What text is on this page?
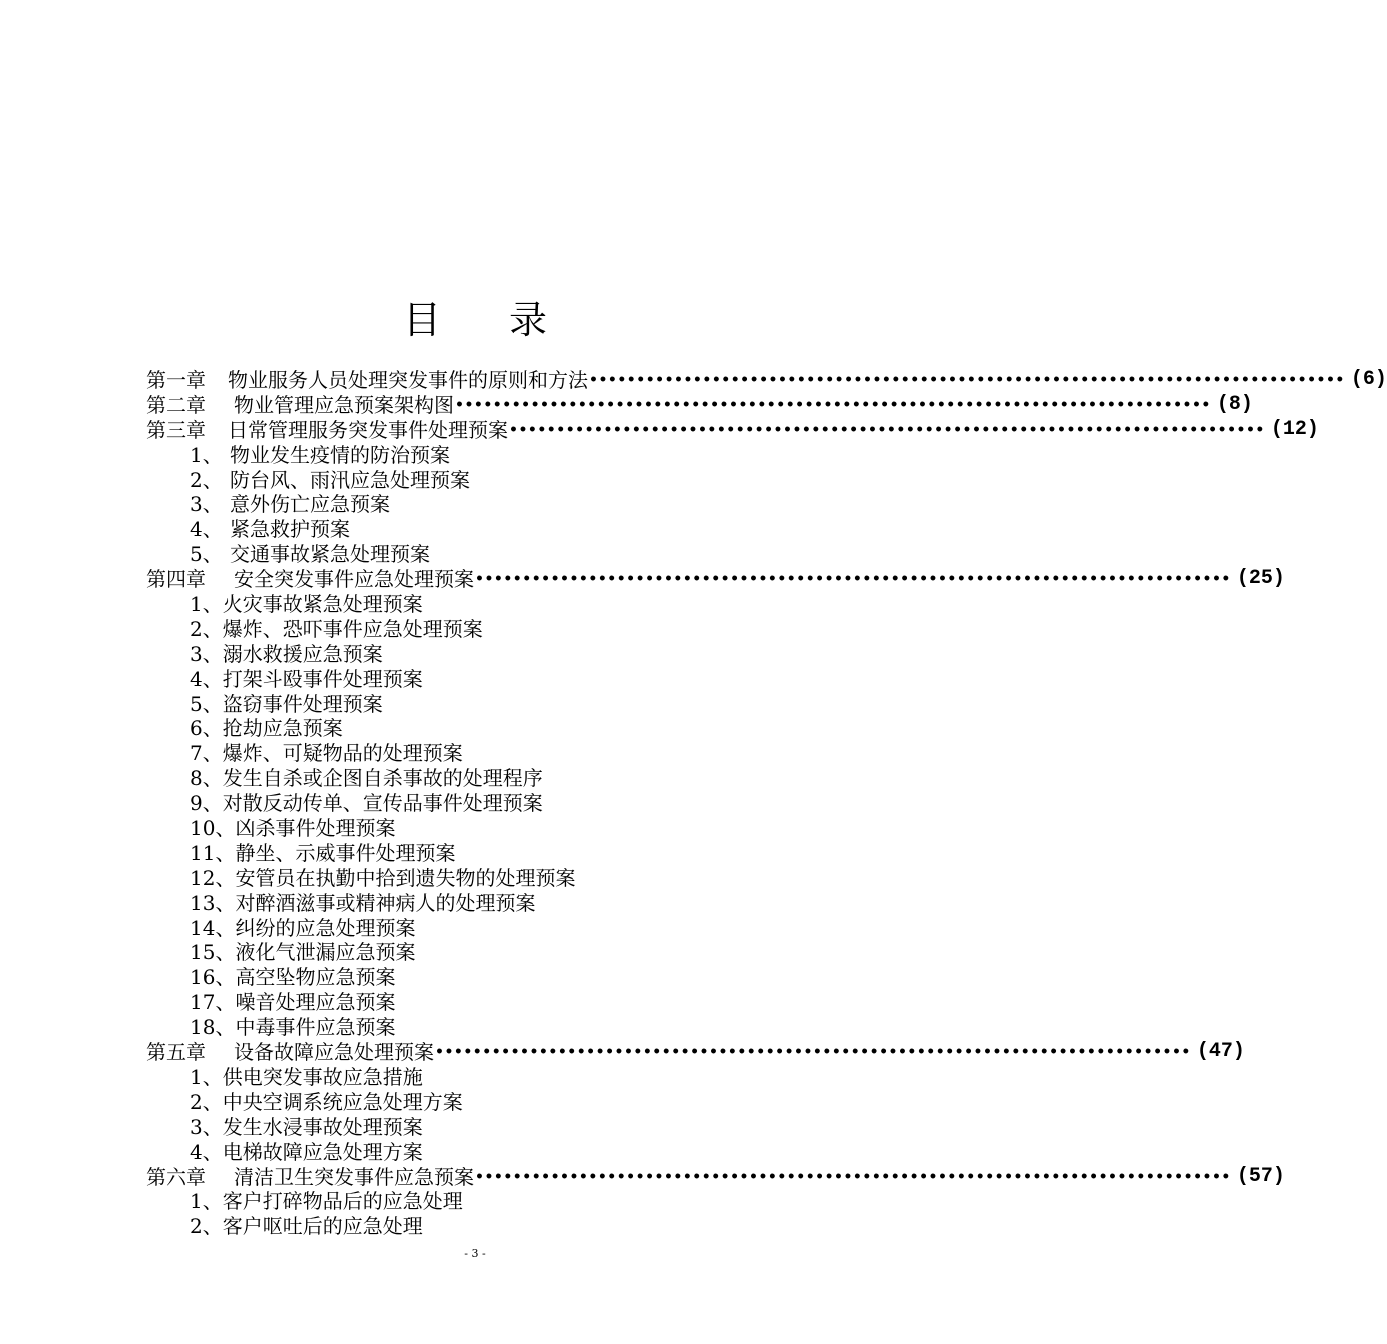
目 录
第一章 物业服务人员处理突发事件的原则和方法 •••••••••••••••••••••••••••••••••••••••••••••••••••••••••••••••••••••••••••••••• (6)
第二章 物业管理应急预案架构图 •••••••••••••••••••••••••••••••••••••••••••••••••••••••••••••••••••••••••••••••• (8)
第三章 日常管理服务突发事件处理预案 •••••••••••••••••••••••••••••••••••••••••••••••••••••••••••••••••••••••••••••••• (12)
1、 物业发生疫情的防治预案
2、 防台风、雨汛应急处理预案
3、 意外伤亡应急预案
4、 紧急救护预案
5、 交通事故紧急处理预案
第四章 安全突发事件应急处理预案 •••••••••••••••••••••••••••••••••••••••••••••••••••••••••••••••••••••••••••••••• (25)
1、 火灾事故紧急处理预案
2、 爆炸、恐吓事件应急处理预案
3、 溺水救援应急预案
4、 打架斗殴事件处理预案
5、 盗窃事件处理预案
6、 抢劫应急预案
7、 爆炸、可疑物品的处理预案
8、 发生自杀或企图自杀事故的处理程序
9、 对散反动传单、宣传品事件处理预案
10、 凶杀事件处理预案
11、 静坐、示威事件处理预案
12、 安管员在执勤中拾到遗失物的处理预案
13、 对醉酒滋事或精神病人的处理预案
14、 纠纷的应急处理预案
15、 液化气泄漏应急预案
16、 高空坠物应急预案
17、 噪音处理应急预案
18、 中毒事件应急预案
第五章 设备故障应急处理预案 •••••••••••••••••••••••••••••••••••••••••••••••••••••••••••••••••••••••••••••••• (47)
1、 供电突发事故应急措施
2、 中央空调系统应急处理方案
3、 发生水浸事故处理预案
4、 电梯故障应急处理方案
第六章 清洁卫生突发事件应急预案 •••••••••••••••••••••••••••••••••••••••••••••••••••••••••••••••••••••••••••••••• (57)
1、 客户打碎物品后的应急处理
2、 客户呕吐后的应急处理
- 3 -
